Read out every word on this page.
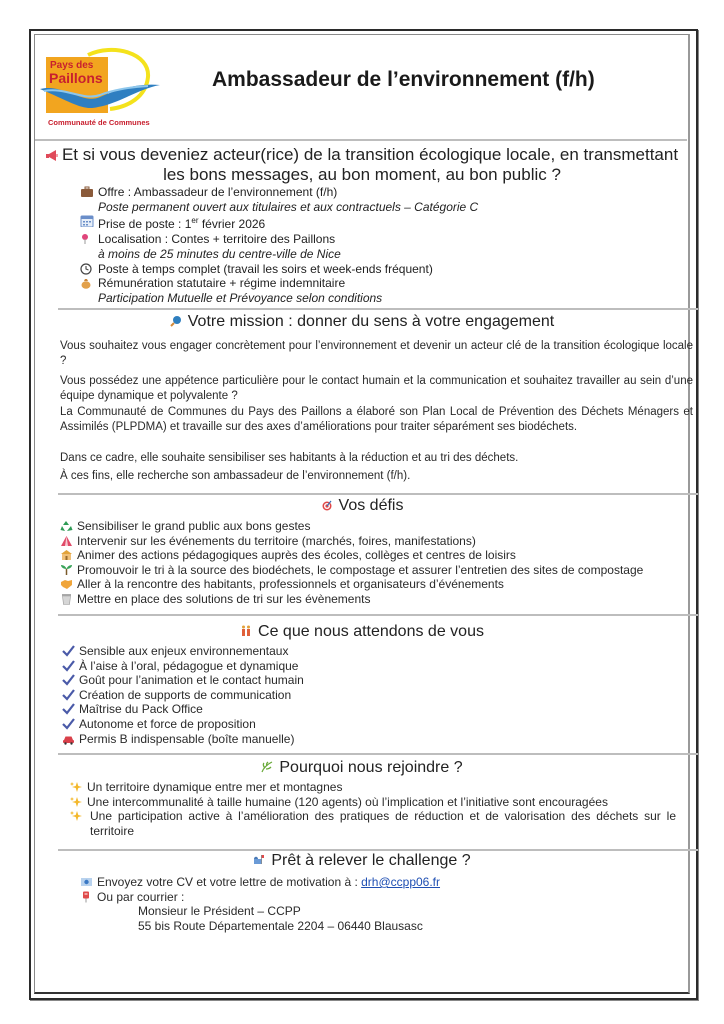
Pays des
Paillons
Communauté de Communes
Ambassadeur de l’environnement (f/h)
Et si vous deveniez acteur(rice) de la transition écologique locale, en transmettant les bons messages, au bon moment, au bon public ?
Offre : Ambassadeur de l’environnement (f/h)
Poste permanent ouvert aux titulaires et aux contractuels – Catégorie C
Prise de poste : 1er février 2026
Localisation : Contes + territoire des Paillons
à moins de 25 minutes du centre-ville de Nice
Poste à temps complet (travail les soirs et week-ends fréquent)
Rémunération statutaire + régime indemnitaire
Participation Mutuelle et Prévoyance selon conditions
Votre mission : donner du sens à votre engagement
Vous souhaitez vous engager concrètement pour l’environnement et devenir un acteur clé de la transition écologique locale ?
Vous possédez une appétence particulière pour le contact humain et la communication et souhaitez travailler au sein d’une équipe dynamique et polyvalente ?
La Communauté de Communes du Pays des Paillons a élaboré son Plan Local de Prévention des Déchets Ménagers et Assimilés (PLPDMA) et travaille sur des axes d’améliorations pour traiter séparément ses biodéchets.
Dans ce cadre, elle souhaite sensibiliser ses habitants à la réduction et au tri des déchets.
À ces fins, elle recherche son ambassadeur de l’environnement (f/h).
Vos défis
Sensibiliser le grand public aux bons gestes
Intervenir sur les événements du territoire (marchés, foires, manifestations)
Animer des actions pédagogiques auprès des écoles, collèges et centres de loisirs
Promouvoir le tri à la source des biodéchets, le compostage et assurer l’entretien des sites de compostage
Aller à la rencontre des habitants, professionnels et organisateurs d’événements
Mettre en place des solutions de tri sur les évènements
Ce que nous attendons de vous
Sensible aux enjeux environnementaux
À l’aise à l’oral, pédagogue et dynamique
Goût pour l’animation et le contact humain
Création de supports de communication
Maîtrise du Pack Office
Autonome et force de proposition
Permis B indispensable (boîte manuelle)
Pourquoi nous rejoindre ?
Un territoire dynamique entre mer et montagnes
Une intercommunalité à taille humaine (120 agents) où l’implication et l’initiative sont encouragées
Une participation active à l’amélioration des pratiques de réduction et de valorisation des déchets sur le territoire
Prêt à relever le challenge ?
Envoyez votre CV et votre lettre de motivation à : drh@ccpp06.fr
Ou par courrier :
Monsieur le Président – CCPP
55 bis Route Départementale 2204 – 06440 Blausasc
